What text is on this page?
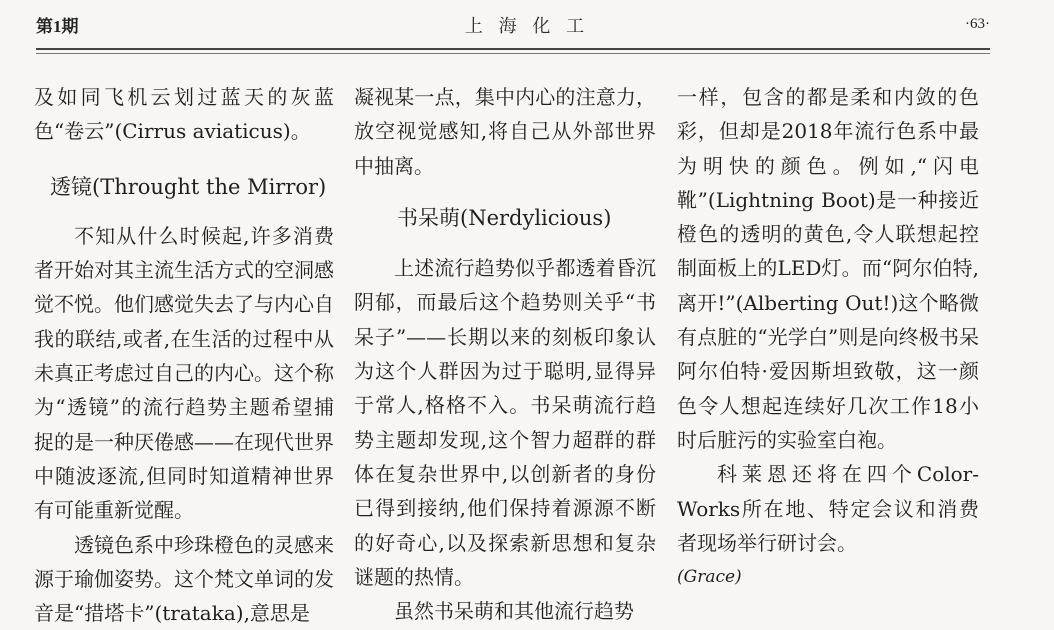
第1期	上 海 化 工	·63·

及如同飞机云划过蓝天的灰蓝色“卷云”(Cirrus aviaticus)。

透镜(Throught the Mirror)

不知从什么时候起,许多消费者开始对其主流生活方式的空洞感觉不悦。他们感觉失去了与内心自我的联结,或者,在生活的过程中从未真正考虑过自己的内心。这个称为“透镜”的流行趋势主题希望捕捉的是一种厌倦感——在现代世界中随波逐流,但同时知道精神世界有可能重新觉醒。

透镜色系中珍珠橙色的灵感来源于瑜伽姿势。这个梵文单词的发音是“措塔卡”(trataka),意思是

凝视某一点，集中内心的注意力，放空视觉感知,将自己从外部世界中抽离。

书呆萌(Nerdylicious)

上述流行趋势似乎都透着昏沉阴郁，而最后这个趋势则关乎“书呆子”——长期以来的刻板印象认为这个人群因为过于聪明,显得异于常人,格格不入。书呆萌流行趋势主题却发现,这个智力超群的群体在复杂世界中,以创新者的身份已得到接纳,他们保持着源源不断的好奇心,以及探索新思想和复杂谜题的热情。

虽然书呆萌和其他流行趋势

一样，包含的都是柔和内敛的色彩，但却是2018年流行色系中最为明快的颜色。例如,“闪电靴”(Lightning Boot)是一种接近橙色的透明的黄色,令人联想起控制面板上的LED灯。而“阿尔伯特,离开!”(Alberting Out!)这个略微有点脏的“光学白”则是向终极书呆阿尔伯特·爱因斯坦致敬，这一颜色令人想起连续好几次工作18小时后脏污的实验室白袍。

科莱恩还将在四个Color-Works所在地、特定会议和消费者现场举行研讨会。

(Grace)
